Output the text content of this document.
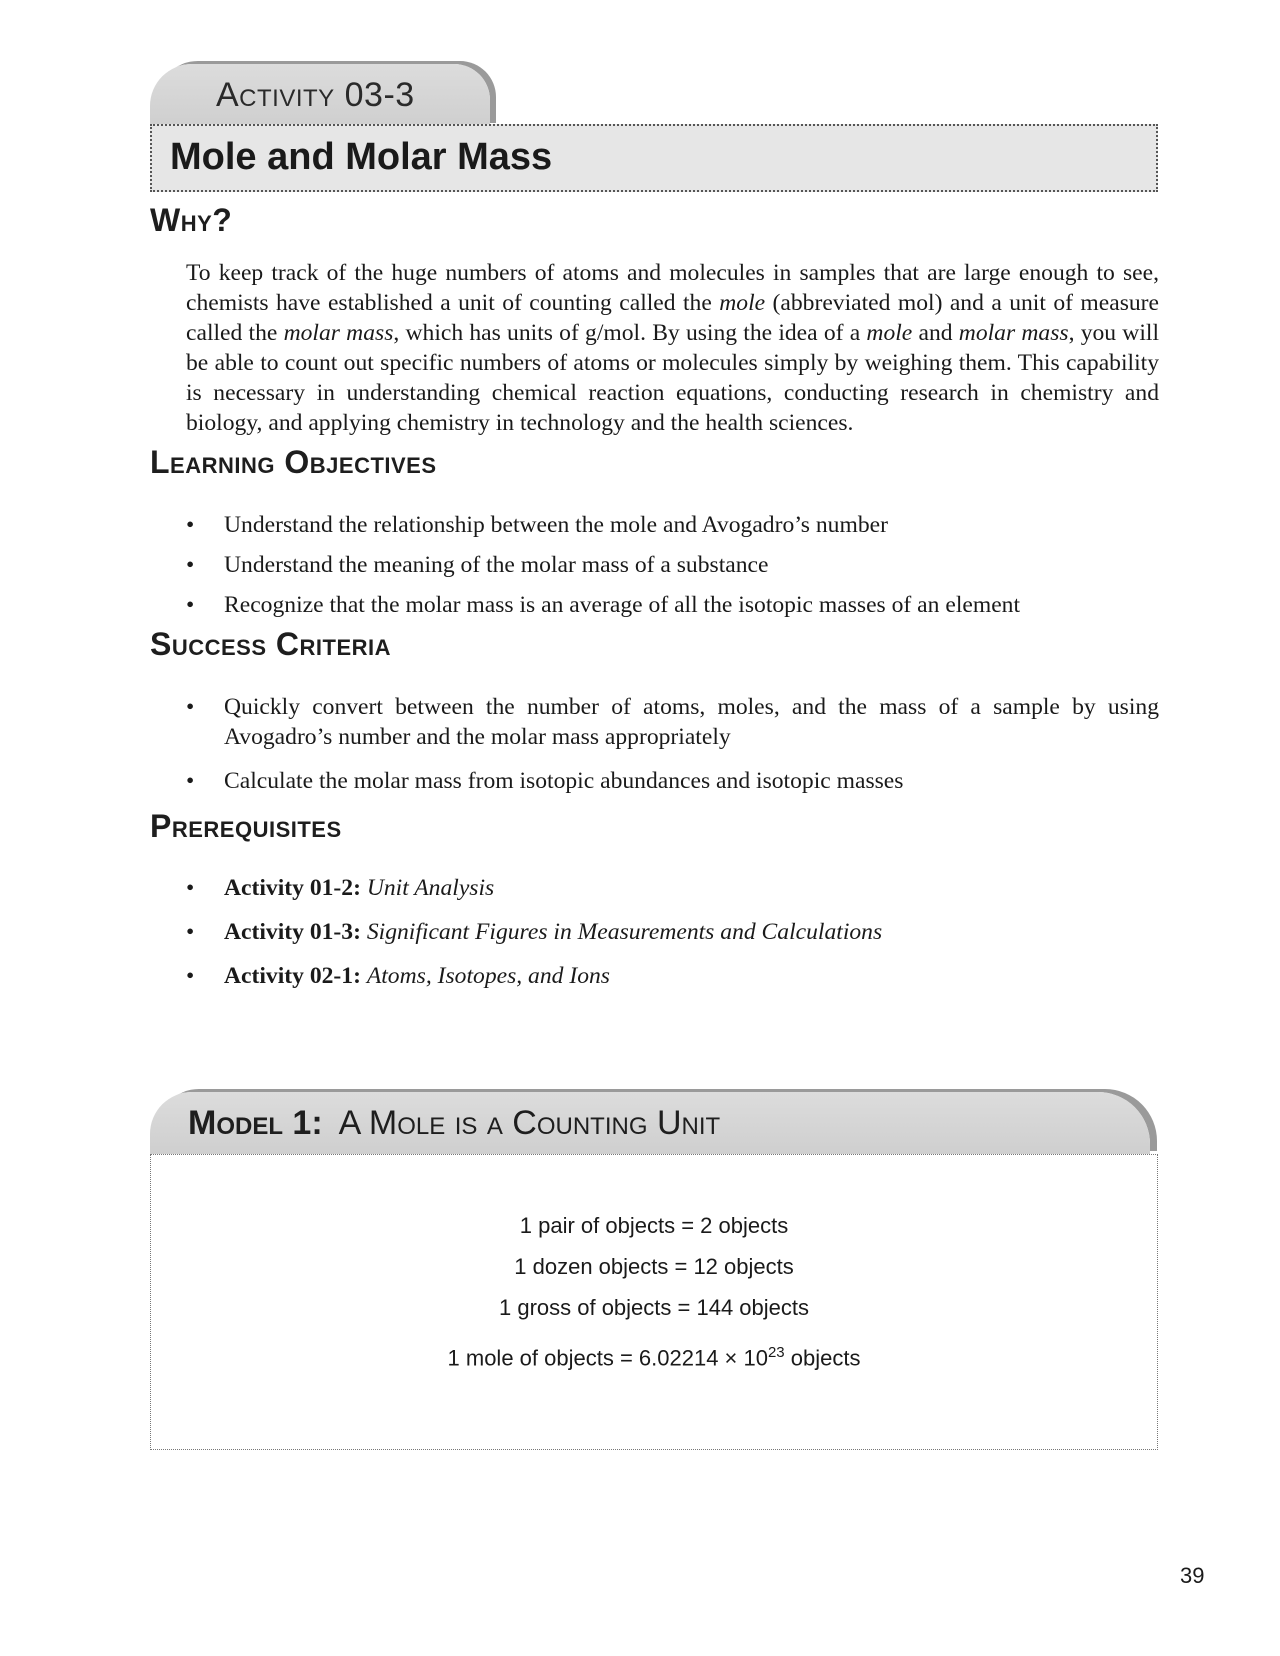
Activity 03-3
Mole and Molar Mass
Why?

To keep track of the huge numbers of atoms and molecules in samples that are large enough to see, chemists have established a unit of counting called the mole (abbreviated mol) and a unit of measure called the molar mass, which has units of g/mol. By using the idea of a mole and molar mass, you will be able to count out specific numbers of atoms or molecules simply by weighing them. This capability is necessary in understanding chemical reaction equations, conducting research in chemistry and biology, and applying chemistry in technology and the health sciences.

Learning Objectives
• Understand the relationship between the mole and Avogadro’s number
• Understand the meaning of the molar mass of a substance
• Recognize that the molar mass is an average of all the isotopic masses of an element
Success Criteria
• Quickly convert between the number of atoms, moles, and the mass of a sample by using Avogadro’s number and the molar mass appropriately
• Calculate the molar mass from isotopic abundances and isotopic masses
Prerequisites
• Activity 01-2: Unit Analysis
• Activity 01-3: Significant Figures in Measurements and Calculations
• Activity 02-1: Atoms, Isotopes, and Ions
Model 1: A Mole is a Counting Unit
1 pair of objects = 2 objects
1 dozen objects = 12 objects
1 gross of objects = 144 objects
1 mole of objects = $6.02214 \times 10^{23}$ objects
39
